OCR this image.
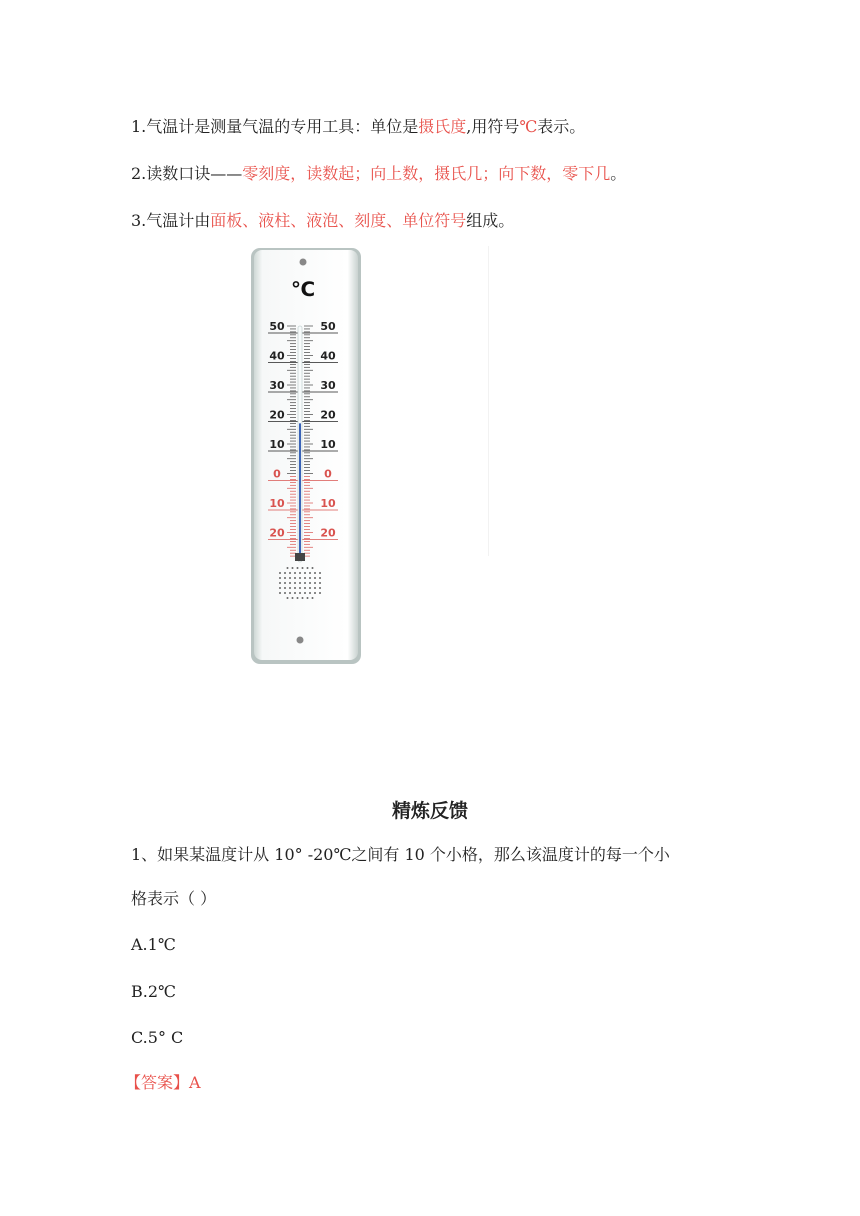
1.气温计是测量气温的专用工具：单位是摄氏度,用符号℃表示。
2.读数口诀——零刻度，读数起；向上数，摄氏几；向下数，零下几。
3.气温计由面板、液柱、液泡、刻度、单位符号组成。
℃
50	50
40	40
30	30
20	20
10	10
0	0
10	10
20	20
精炼反馈
1、如果某温度计从 10° -20℃之间有 10 个小格，那么该温度计的每一个小
格表示（ ）
A.1℃
B.2℃
C.5° C
【答案】A
